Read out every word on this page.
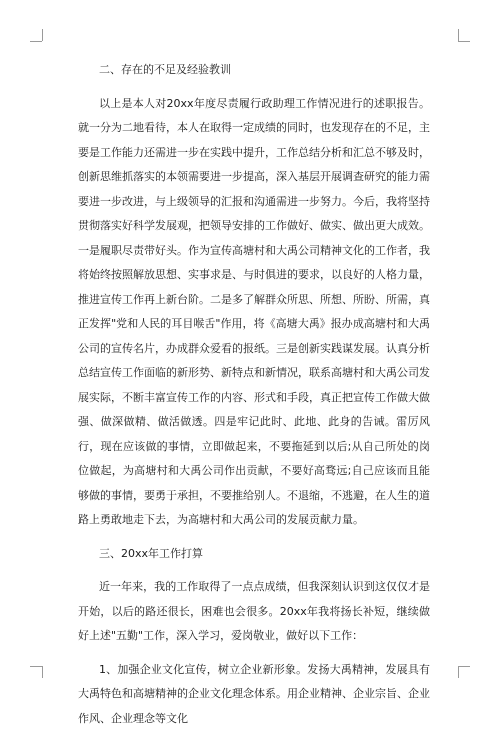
二、存在的不足及经验教训

以上是本人对20xx年度尽责履行政助理工作情况进行的述职报告。就一分为二地看待，本人在取得一定成绩的同时，也发现存在的不足，主要是工作能力还需进一步在实践中提升，工作总结分析和汇总不够及时，创新思维抓落实的本领需要进一步提高，深入基层开展调查研究的能力需要进一步改进，与上级领导的汇报和沟通需进一步努力。今后，我将坚持贯彻落实好科学发展观，把领导安排的工作做好、做实、做出更大成效。一是履职尽责带好头。作为宣传高塘村和大禹公司精神文化的工作者，我将始终按照解放思想、实事求是、与时俱进的要求，以良好的人格力量，推进宣传工作再上新台阶。二是多了解群众所思、所想、所盼、所需，真正发挥"党和人民的耳目喉舌"作用，将《高塘大禹》报办成高塘村和大禹公司的宣传名片，办成群众爱看的报纸。三是创新实践谋发展。认真分析总结宣传工作面临的新形势、新特点和新情况，联系高塘村和大禹公司发展实际，不断丰富宣传工作的内容、形式和手段，真正把宣传工作做大做强、做深做精、做活做透。四是牢记此时、此地、此身的告诫。雷厉风行，现在应该做的事情，立即做起来，不要拖延到以后;从自己所处的岗位做起，为高塘村和大禹公司作出贡献，不要好高骛远;自己应该而且能够做的事情，要勇于承担，不要推给别人。不退缩，不逃避，在人生的道路上勇敢地走下去，为高塘村和大禹公司的发展贡献力量。

三、20xx年工作打算

近一年来，我的工作取得了一点点成绩，但我深刻认识到这仅仅才是开始，以后的路还很长，困难也会很多。20xx年我将扬长补短，继续做好上述"五勤"工作，深入学习，爱岗敬业，做好以下工作：

1、加强企业文化宣传，树立企业新形象。发扬大禹精神，发展具有大禹特色和高塘精神的企业文化理念体系。用企业精神、企业宗旨、企业作风、企业理念等文化
